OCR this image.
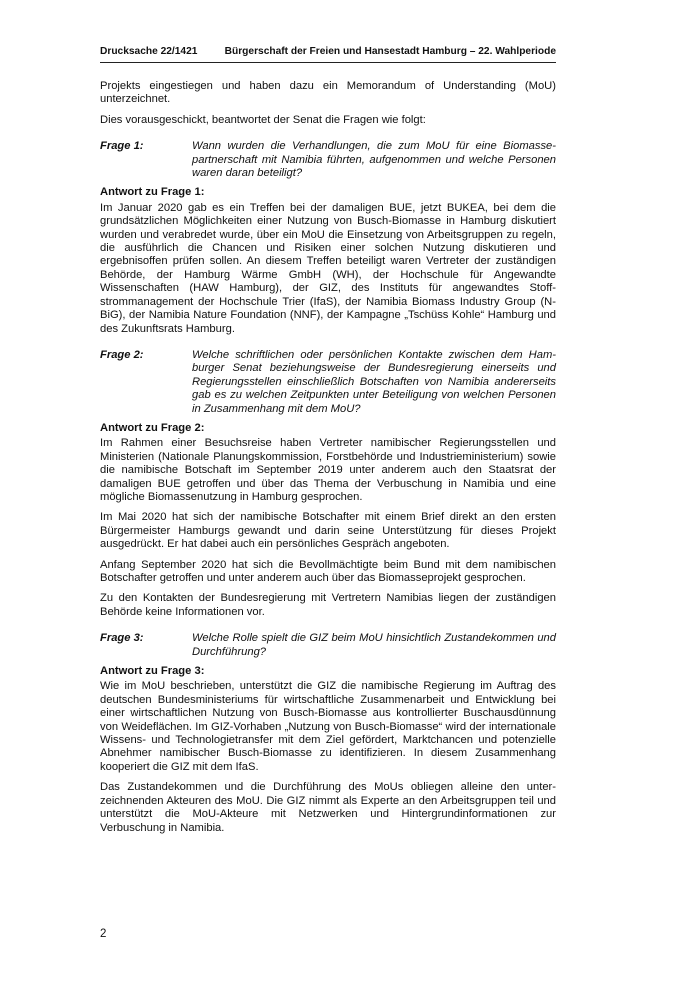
Drucksache 22/1421	Bürgerschaft der Freien und Hansestadt Hamburg – 22. Wahlperiode

Projekts eingestiegen und haben dazu ein Memorandum of Understanding (MoU) unterzeichnet.

Dies vorausgeschickt, beantwortet der Senat die Fragen wie folgt:

Frage 1:	Wann wurden die Verhandlungen, die zum MoU für eine Biomassepartnerschaft mit Namibia führten, aufgenommen und welche Personen waren daran beteiligt?
Antwort zu Frage 1:

Im Januar 2020 gab es ein Treffen bei der damaligen BUE, jetzt BUKEA, bei dem die grundsätzlichen Möglichkeiten einer Nutzung von Busch-Biomasse in Hamburg diskutiert wurden und verabredet wurde, über ein MoU die Einsetzung von Arbeitsgruppen zu regeln, die ausführlich die Chancen und Risiken einer solchen Nutzung diskutieren und ergebnisoffen prüfen sollen. An diesem Treffen beteiligt waren Vertreter der zuständigen Behörde, der Hamburg Wärme GmbH (WH), der Hochschule für Angewandte Wissenschaften (HAW Hamburg), der GIZ, des Instituts für angewandtes Stoffstrommanagement der Hochschule Trier (IfaS), der Namibia Biomass Industry Group (N-BiG), der Namibia Nature Foundation (NNF), der Kampagne „Tschüss Kohle“ Hamburg und des Zukunftsrats Hamburg.

Frage 2:	Welche schriftlichen oder persönlichen Kontakte zwischen dem Hamburger Senat beziehungsweise der Bundesregierung einerseits und Regierungsstellen einschließlich Botschaften von Namibia andererseits gab es zu welchen Zeitpunkten unter Beteiligung von welchen Personen in Zusammenhang mit dem MoU?
Antwort zu Frage 2:

Im Rahmen einer Besuchsreise haben Vertreter namibischer Regierungsstellen und Ministerien (Nationale Planungskommission, Forstbehörde und Industrieministerium) sowie die namibische Botschaft im September 2019 unter anderem auch den Staatsrat der damaligen BUE getroffen und über das Thema der Verbuschung in Namibia und eine mögliche Biomassenutzung in Hamburg gesprochen.

Im Mai 2020 hat sich der namibische Botschafter mit einem Brief direkt an den ersten Bürgermeister Hamburgs gewandt und darin seine Unterstützung für dieses Projekt ausgedrückt. Er hat dabei auch ein persönliches Gespräch angeboten.

Anfang September 2020 hat sich die Bevollmächtigte beim Bund mit dem namibischen Botschafter getroffen und unter anderem auch über das Biomasseprojekt gesprochen.

Zu den Kontakten der Bundesregierung mit Vertretern Namibias liegen der zuständigen Behörde keine Informationen vor.

Frage 3:	Welche Rolle spielt die GIZ beim MoU hinsichtlich Zustandekommen und Durchführung?
Antwort zu Frage 3:

Wie im MoU beschrieben, unterstützt die GIZ die namibische Regierung im Auftrag des deutschen Bundesministeriums für wirtschaftliche Zusammenarbeit und Entwicklung bei einer wirtschaftlichen Nutzung von Busch-Biomasse aus kontrollierter Buschausdünnung von Weideflächen. Im GIZ-Vorhaben „Nutzung von Busch-Biomasse“ wird der internationale Wissens- und Technologietransfer mit dem Ziel gefördert, Marktchancen und potenzielle Abnehmer namibischer Busch-Biomasse zu identifizieren. In diesem Zusammenhang kooperiert die GIZ mit dem IfaS.

Das Zustandekommen und die Durchführung des MoUs obliegen alleine den unterzeichnenden Akteuren des MoU. Die GIZ nimmt als Experte an den Arbeitsgruppen teil und unterstützt die MoU-Akteure mit Netzwerken und Hintergrundinformationen zur Verbuschung in Namibia.

2
